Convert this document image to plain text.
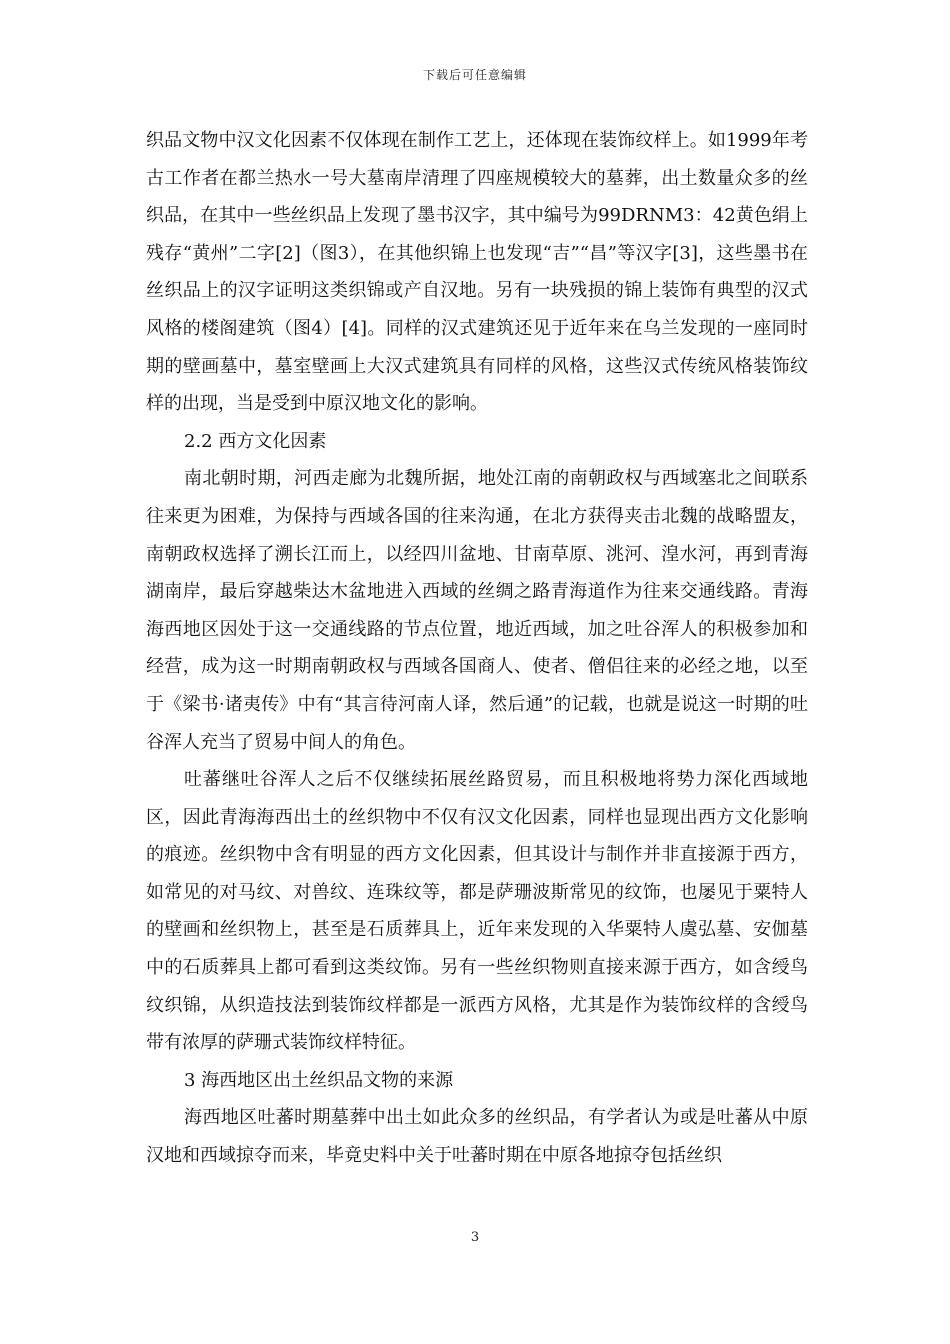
下载后可任意编辑

织品文物中汉文化因素不仅体现在制作工艺上，还体现在装饰纹样上。如1999年考古工作者在都兰热水一号大墓南岸清理了四座规模较大的墓葬，出土数量众多的丝织品，在其中一些丝织品上发现了墨书汉字，其中编号为99DRNM3：42黄色绢上残存“黄州”二字[2]（图3），在其他织锦上也发现“吉”“昌”等汉字[3]，这些墨书在丝织品上的汉字证明这类织锦或产自汉地。另有一块残损的锦上装饰有典型的汉式风格的楼阁建筑（图4）[4]。同样的汉式建筑还见于近年来在乌兰发现的一座同时期的壁画墓中，墓室壁画上大汉式建筑具有同样的风格，这些汉式传统风格装饰纹样的出现，当是受到中原汉地文化的影响。

2.2 西方文化因素

南北朝时期，河西走廊为北魏所据，地处江南的南朝政权与西域塞北之间联系往来更为困难，为保持与西域各国的往来沟通，在北方获得夹击北魏的战略盟友，南朝政权选择了溯长江而上，以经四川盆地、甘南草原、洮河、湟水河，再到青海湖南岸，最后穿越柴达木盆地进入西域的丝绸之路青海道作为往来交通线路。青海海西地区因处于这一交通线路的节点位置，地近西域，加之吐谷浑人的积极参加和经营，成为这一时期南朝政权与西域各国商人、使者、僧侣往来的必经之地，以至于《梁书·诸夷传》中有“其言待河南人译，然后通”的记载，也就是说这一时期的吐谷浑人充当了贸易中间人的角色。

吐蕃继吐谷浑人之后不仅继续拓展丝路贸易，而且积极地将势力深化西域地区，因此青海海西出土的丝织物中不仅有汉文化因素，同样也显现出西方文化影响的痕迹。丝织物中含有明显的西方文化因素，但其设计与制作并非直接源于西方，如常见的对马纹、对兽纹、连珠纹等，都是萨珊波斯常见的纹饰，也屡见于粟特人的壁画和丝织物上，甚至是石质葬具上，近年来发现的入华粟特人虞弘墓、安伽墓中的石质葬具上都可看到这类纹饰。另有一些丝织物则直接来源于西方，如含绶鸟纹织锦，从织造技法到装饰纹样都是一派西方风格，尤其是作为装饰纹样的含绶鸟带有浓厚的萨珊式装饰纹样特征。

3 海西地区出土丝织品文物的来源

海西地区吐蕃时期墓葬中出土如此众多的丝织品，有学者认为或是吐蕃从中原汉地和西域掠夺而来，毕竟史料中关于吐蕃时期在中原各地掠夺包括丝织

3
